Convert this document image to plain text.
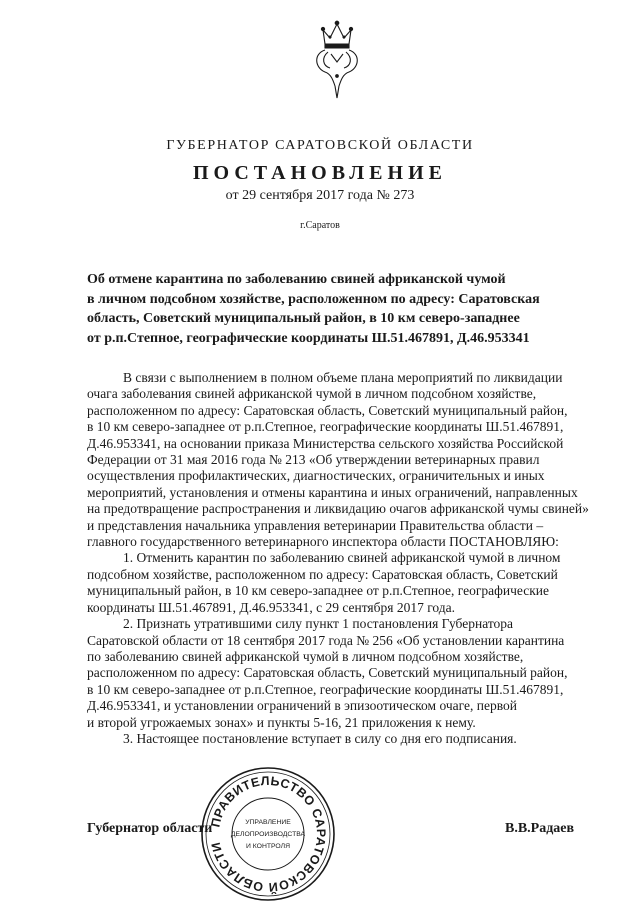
ГУБЕРНАТОР САРАТОВСКОЙ ОБЛАСТИ
ПОСТАНОВЛЕНИЕ
от 29 сентября 2017 года № 273
г.Саратов
Об отмене карантина по заболеванию свиней африканской чумой
в личном подсобном хозяйстве, расположенном по адресу: Саратовская
область, Советский муниципальный район, в 10 км северо-западнее
от р.п.Степное, географические координаты Ш.51.467891, Д.46.953341
В связи с выполнением в полном объеме плана мероприятий по ликвидации
очага заболевания свиней африканской чумой в личном подсобном хозяйстве,
расположенном по адресу: Саратовская область, Советский муниципальный район,
в 10 км северо-западнее от р.п.Степное, географические координаты Ш.51.467891,
Д.46.953341, на основании приказа Министерства сельского хозяйства Российской
Федерации от 31 мая 2016 года № 213 «Об утверждении ветеринарных правил
осуществления профилактических, диагностических, ограничительных и иных
мероприятий, установления и отмены карантина и иных ограничений, направленных
на предотвращение распространения и ликвидацию очагов африканской чумы свиней»
и представления начальника управления ветеринарии Правительства области –
главного государственного ветеринарного инспектора области ПОСТАНОВЛЯЮ:
1. Отменить карантин по заболеванию свиней африканской чумой в личном
подсобном хозяйстве, расположенном по адресу: Саратовская область, Советский
муниципальный район, в 10 км северо-западнее от р.п.Степное, географические
координаты Ш.51.467891, Д.46.953341, с 29 сентября 2017 года.
2. Признать утратившими силу пункт 1 постановления Губернатора
Саратовской области от 18 сентября 2017 года № 256 «Об установлении карантина
по заболеванию свиней африканской чумой в личном подсобном хозяйстве,
расположенном по адресу: Саратовская область, Советский муниципальный район,
в 10 км северо-западнее от р.п.Степное, географические координаты Ш.51.467891,
Д.46.953341, и установлении ограничений в эпизоотическом очаге, первой
и второй угрожаемых зонах» и пункты 5-16, 21 приложения к нему.
3. Настоящее постановление вступает в силу со дня его подписания.
Губернатор области	В.В.Радаев
ПРАВИТЕЛЬСТВО САРАТОВСКОЙ ОБЛАСТИ
УПРАВЛЕНИЕ
ДЕЛОПРОИЗВОДСТВА
И КОНТРОЛЯ
